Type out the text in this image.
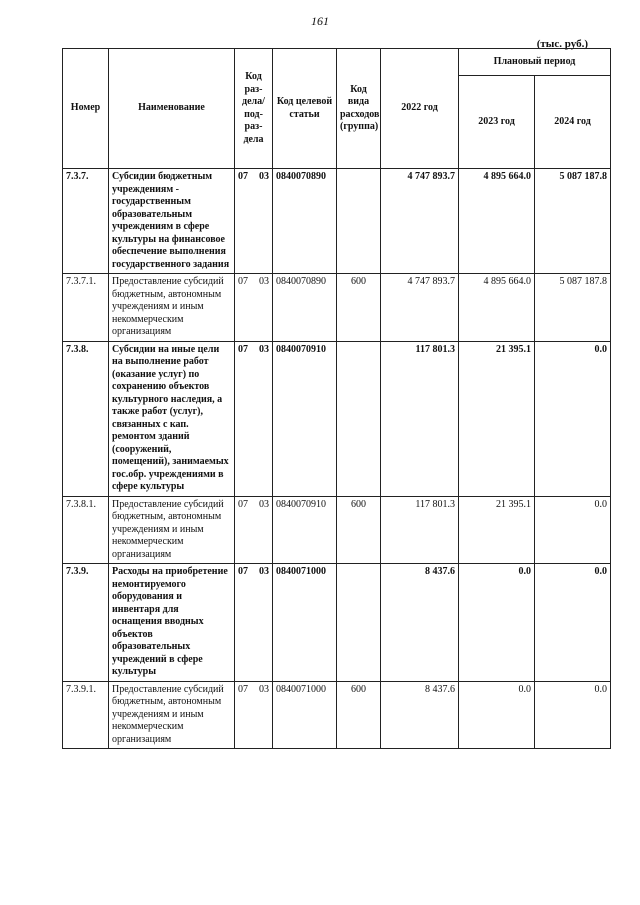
161
(тыс. руб.)
Номер	Наименование	Код раз- дела/ под- раз- дела	Код целевой статьи	Код вида расходов (группа)	2022 год	Плановый период	
						2023 год	2024 год
7.3.7.	Субсидии бюджетным учреждениям - государственным образовательным учреждениям в сфере культуры на финансовое обеспечение выполнения государственного задания	07 03	0840070890		4 747 893.7	4 895 664.0	5 087 187.8
7.3.7.1.	Предоставление субсидий бюджетным, автономным учреждениям и иным некоммерческим организациям	07 03	0840070890	600	4 747 893.7	4 895 664.0	5 087 187.8
7.3.8.	Субсидии на иные цели на выполнение работ (оказание услуг) по сохранению объектов культурного наследия, а также работ (услуг), связанных с кап. ремонтом зданий (сооружений, помещений), занимаемых гос.обр. учреждениями в сфере культуры	07 03	0840070910		117 801.3	21 395.1	0.0
7.3.8.1.	Предоставление субсидий бюджетным, автономным учреждениям и иным некоммерческим организациям	07 03	0840070910	600	117 801.3	21 395.1	0.0
7.3.9.	Расходы на приобретение немонтируемого оборудования и инвентаря для оснащения вводных объектов образовательных учреждений в сфере культуры	07 03	0840071000		8 437.6	0.0	0.0
7.3.9.1.	Предоставление субсидий бюджетным, автономным учреждениям и иным некоммерческим организациям	07 03	0840071000	600	8 437.6	0.0	0.0
